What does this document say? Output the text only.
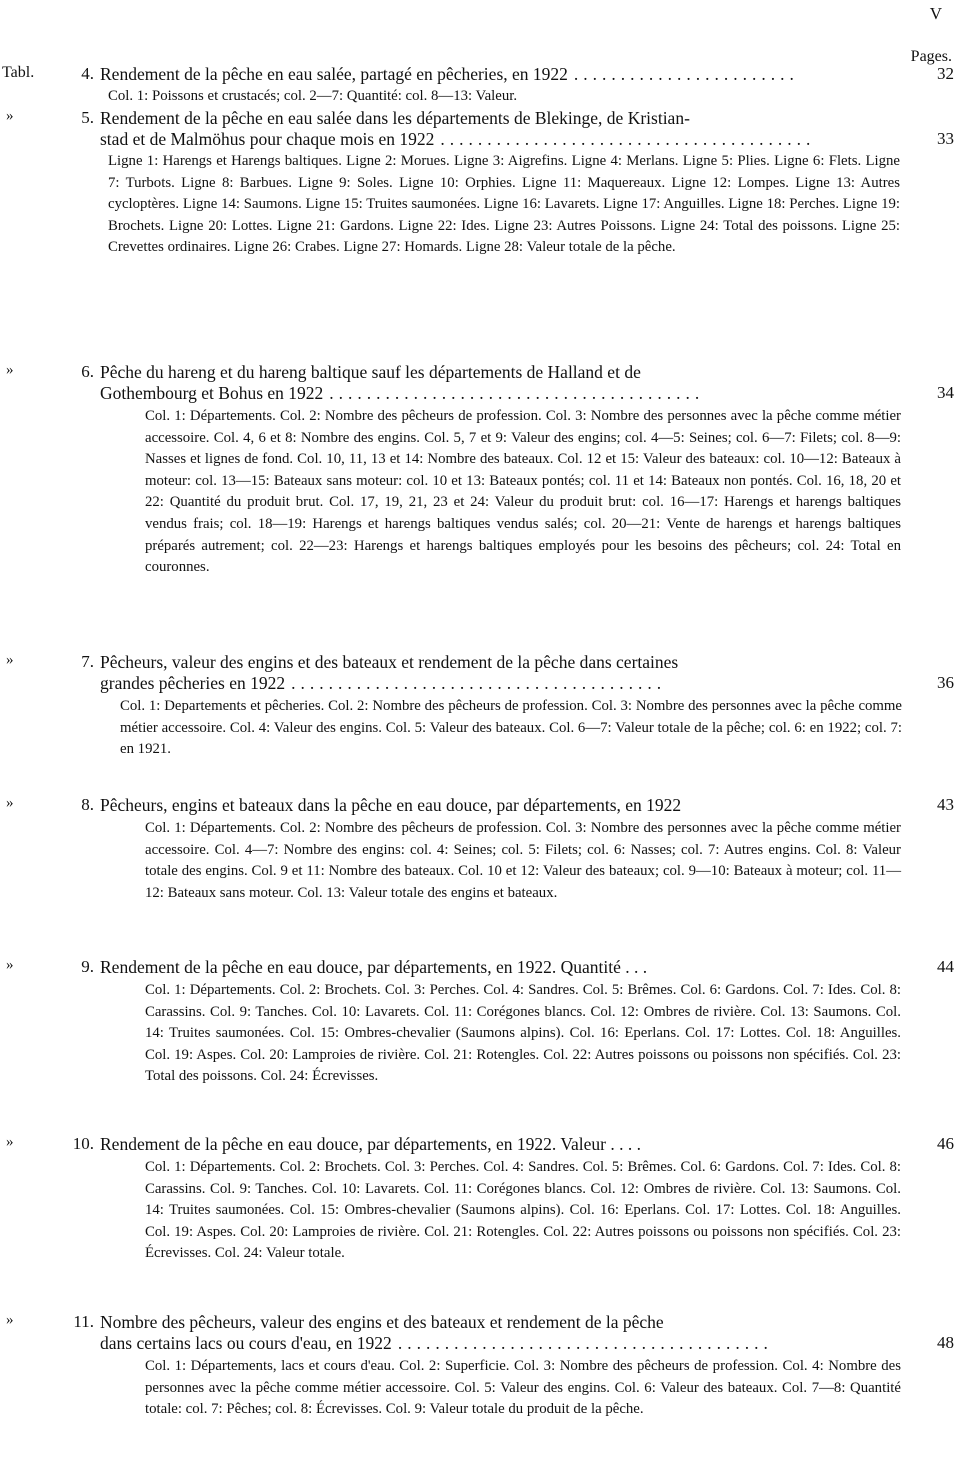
V
Pages.
Tabl.	4. Rendement de la pêche en eau salée, partagé en pêcheries, en 1922 ........................	32
Col. 1: Poissons et crustacés; col. 2—7: Quantité: col. 8—13: Valeur.
»	5. Rendement de la pêche en eau salée dans les départements de Blekinge, de Kristian-
stad et de Malmöhus pour chaque mois en 1922 ........................................	33
Ligne 1: Harengs et Harengs baltiques. Ligne 2: Morues. Ligne 3: Aigrefins. Ligne 4: Merlans. Ligne 5: Plies. Ligne 6: Flets. Ligne 7: Turbots. Ligne 8: Barbues. Ligne 9: Soles. Ligne 10: Orphies. Ligne 11: Maquereaux. Ligne 12: Lompes. Ligne 13: Autres cycloptères. Ligne 14: Saumons. Ligne 15: Truites saumonées. Ligne 16: Lavarets. Ligne 17: Anguilles. Ligne 18: Perches. Ligne 19: Brochets. Ligne 20: Lottes. Ligne 21: Gardons. Ligne 22: Ides. Ligne 23: Autres Poissons. Ligne 24: Total des poissons. Ligne 25: Crevettes ordinaires. Ligne 26: Crabes. Ligne 27: Homards. Ligne 28: Valeur totale de la pêche.
»	6. Pêche du hareng et du hareng baltique sauf les départements de Halland et de
Gothembourg et Bohus en 1922 ........................................	34
Col. 1: Départements. Col. 2: Nombre des pêcheurs de profession. Col. 3: Nombre des personnes avec la pêche comme métier accessoire. Col. 4, 6 et 8: Nombre des engins. Col. 5, 7 et 9: Valeur des engins; col. 4—5: Seines; col. 6—7: Filets; col. 8—9: Nasses et lignes de fond. Col. 10, 11, 13 et 14: Nombre des bateaux. Col. 12 et 15: Valeur des bateaux: col. 10—12: Bateaux à moteur: col. 13—15: Bateaux sans moteur: col. 10 et 13: Bateaux pontés; col. 11 et 14: Bateaux non pontés. Col. 16, 18, 20 et 22: Quantité du produit brut. Col. 17, 19, 21, 23 et 24: Valeur du produit brut: col. 16—17: Harengs et harengs baltiques vendus frais; col. 18—19: Harengs et harengs baltiques vendus salés; col. 20—21: Vente de harengs et harengs baltiques préparés autrement; col. 22—23: Harengs et harengs baltiques employés pour les besoins des pêcheurs; col. 24: Total en couronnes.
»	7. Pêcheurs, valeur des engins et des bateaux et rendement de la pêche dans certaines
grandes pêcheries en 1922 ........................................	36
Col. 1: Departements et pêcheries. Col. 2: Nombre des pêcheurs de profession. Col. 3: Nombre des personnes avec la pêche comme métier accessoire. Col. 4: Valeur des engins. Col. 5: Valeur des bateaux. Col. 6—7: Valeur totale de la pêche; col. 6: en 1922; col. 7: en 1921.
»	8. Pêcheurs, engins et bateaux dans la pêche en eau douce, par départements, en 1922	43
Col. 1: Départements. Col. 2: Nombre des pêcheurs de profession. Col. 3: Nombre des personnes avec la pêche comme métier accessoire. Col. 4—7: Nombre des engins: col. 4: Seines; col. 5: Filets; col. 6: Nasses; col. 7: Autres engins. Col. 8: Valeur totale des engins. Col. 9 et 11: Nombre des bateaux. Col. 10 et 12: Valeur des bateaux; col. 9—10: Bateaux à moteur; col. 11—12: Bateaux sans moteur. Col. 13: Valeur totale des engins et bateaux.
»	9. Rendement de la pêche en eau douce, par départements, en 1922. Quantité . . .	44
Col. 1: Départements. Col. 2: Brochets. Col. 3: Perches. Col. 4: Sandres. Col. 5: Brêmes. Col. 6: Gardons. Col. 7: Ides. Col. 8: Carassins. Col. 9: Tanches. Col. 10: Lavarets. Col. 11: Corégones blancs. Col. 12: Ombres de rivière. Col. 13: Saumons. Col. 14: Truites saumonées. Col. 15: Ombres-chevalier (Saumons alpins). Col. 16: Eperlans. Col. 17: Lottes. Col. 18: Anguilles. Col. 19: Aspes. Col. 20: Lamproies de rivière. Col. 21: Rotengles. Col. 22: Autres poissons ou poissons non spécifiés. Col. 23: Total des poissons. Col. 24: Écrevisses.
»	10. Rendement de la pêche en eau douce, par départements, en 1922. Valeur . . . .	46
Col. 1: Départements. Col. 2: Brochets. Col. 3: Perches. Col. 4: Sandres. Col. 5: Brêmes. Col. 6: Gardons. Col. 7: Ides. Col. 8: Carassins. Col. 9: Tanches. Col. 10: Lavarets. Col. 11: Corégones blancs. Col. 12: Ombres de rivière. Col. 13: Saumons. Col. 14: Truites saumonées. Col. 15: Ombres-chevalier (Saumons alpins). Col. 16: Eperlans. Col. 17: Lottes. Col. 18: Anguilles. Col. 19: Aspes. Col. 20: Lamproies de rivière. Col. 21: Rotengles. Col. 22: Autres poissons ou poissons non spécifiés. Col. 23: Écrevisses. Col. 24: Valeur totale.
»	11. Nombre des pêcheurs, valeur des engins et des bateaux et rendement de la pêche
dans certains lacs ou cours d'eau, en 1922 ........................................	48
Col. 1: Départements, lacs et cours d'eau. Col. 2: Superficie. Col. 3: Nombre des pêcheurs de profession. Col. 4: Nombre des personnes avec la pêche comme métier accessoire. Col. 5: Valeur des engins. Col. 6: Valeur des bateaux. Col. 7—8: Quantité totale: col. 7: Pêches; col. 8: Écrevisses. Col. 9: Valeur totale du produit de la pêche.
